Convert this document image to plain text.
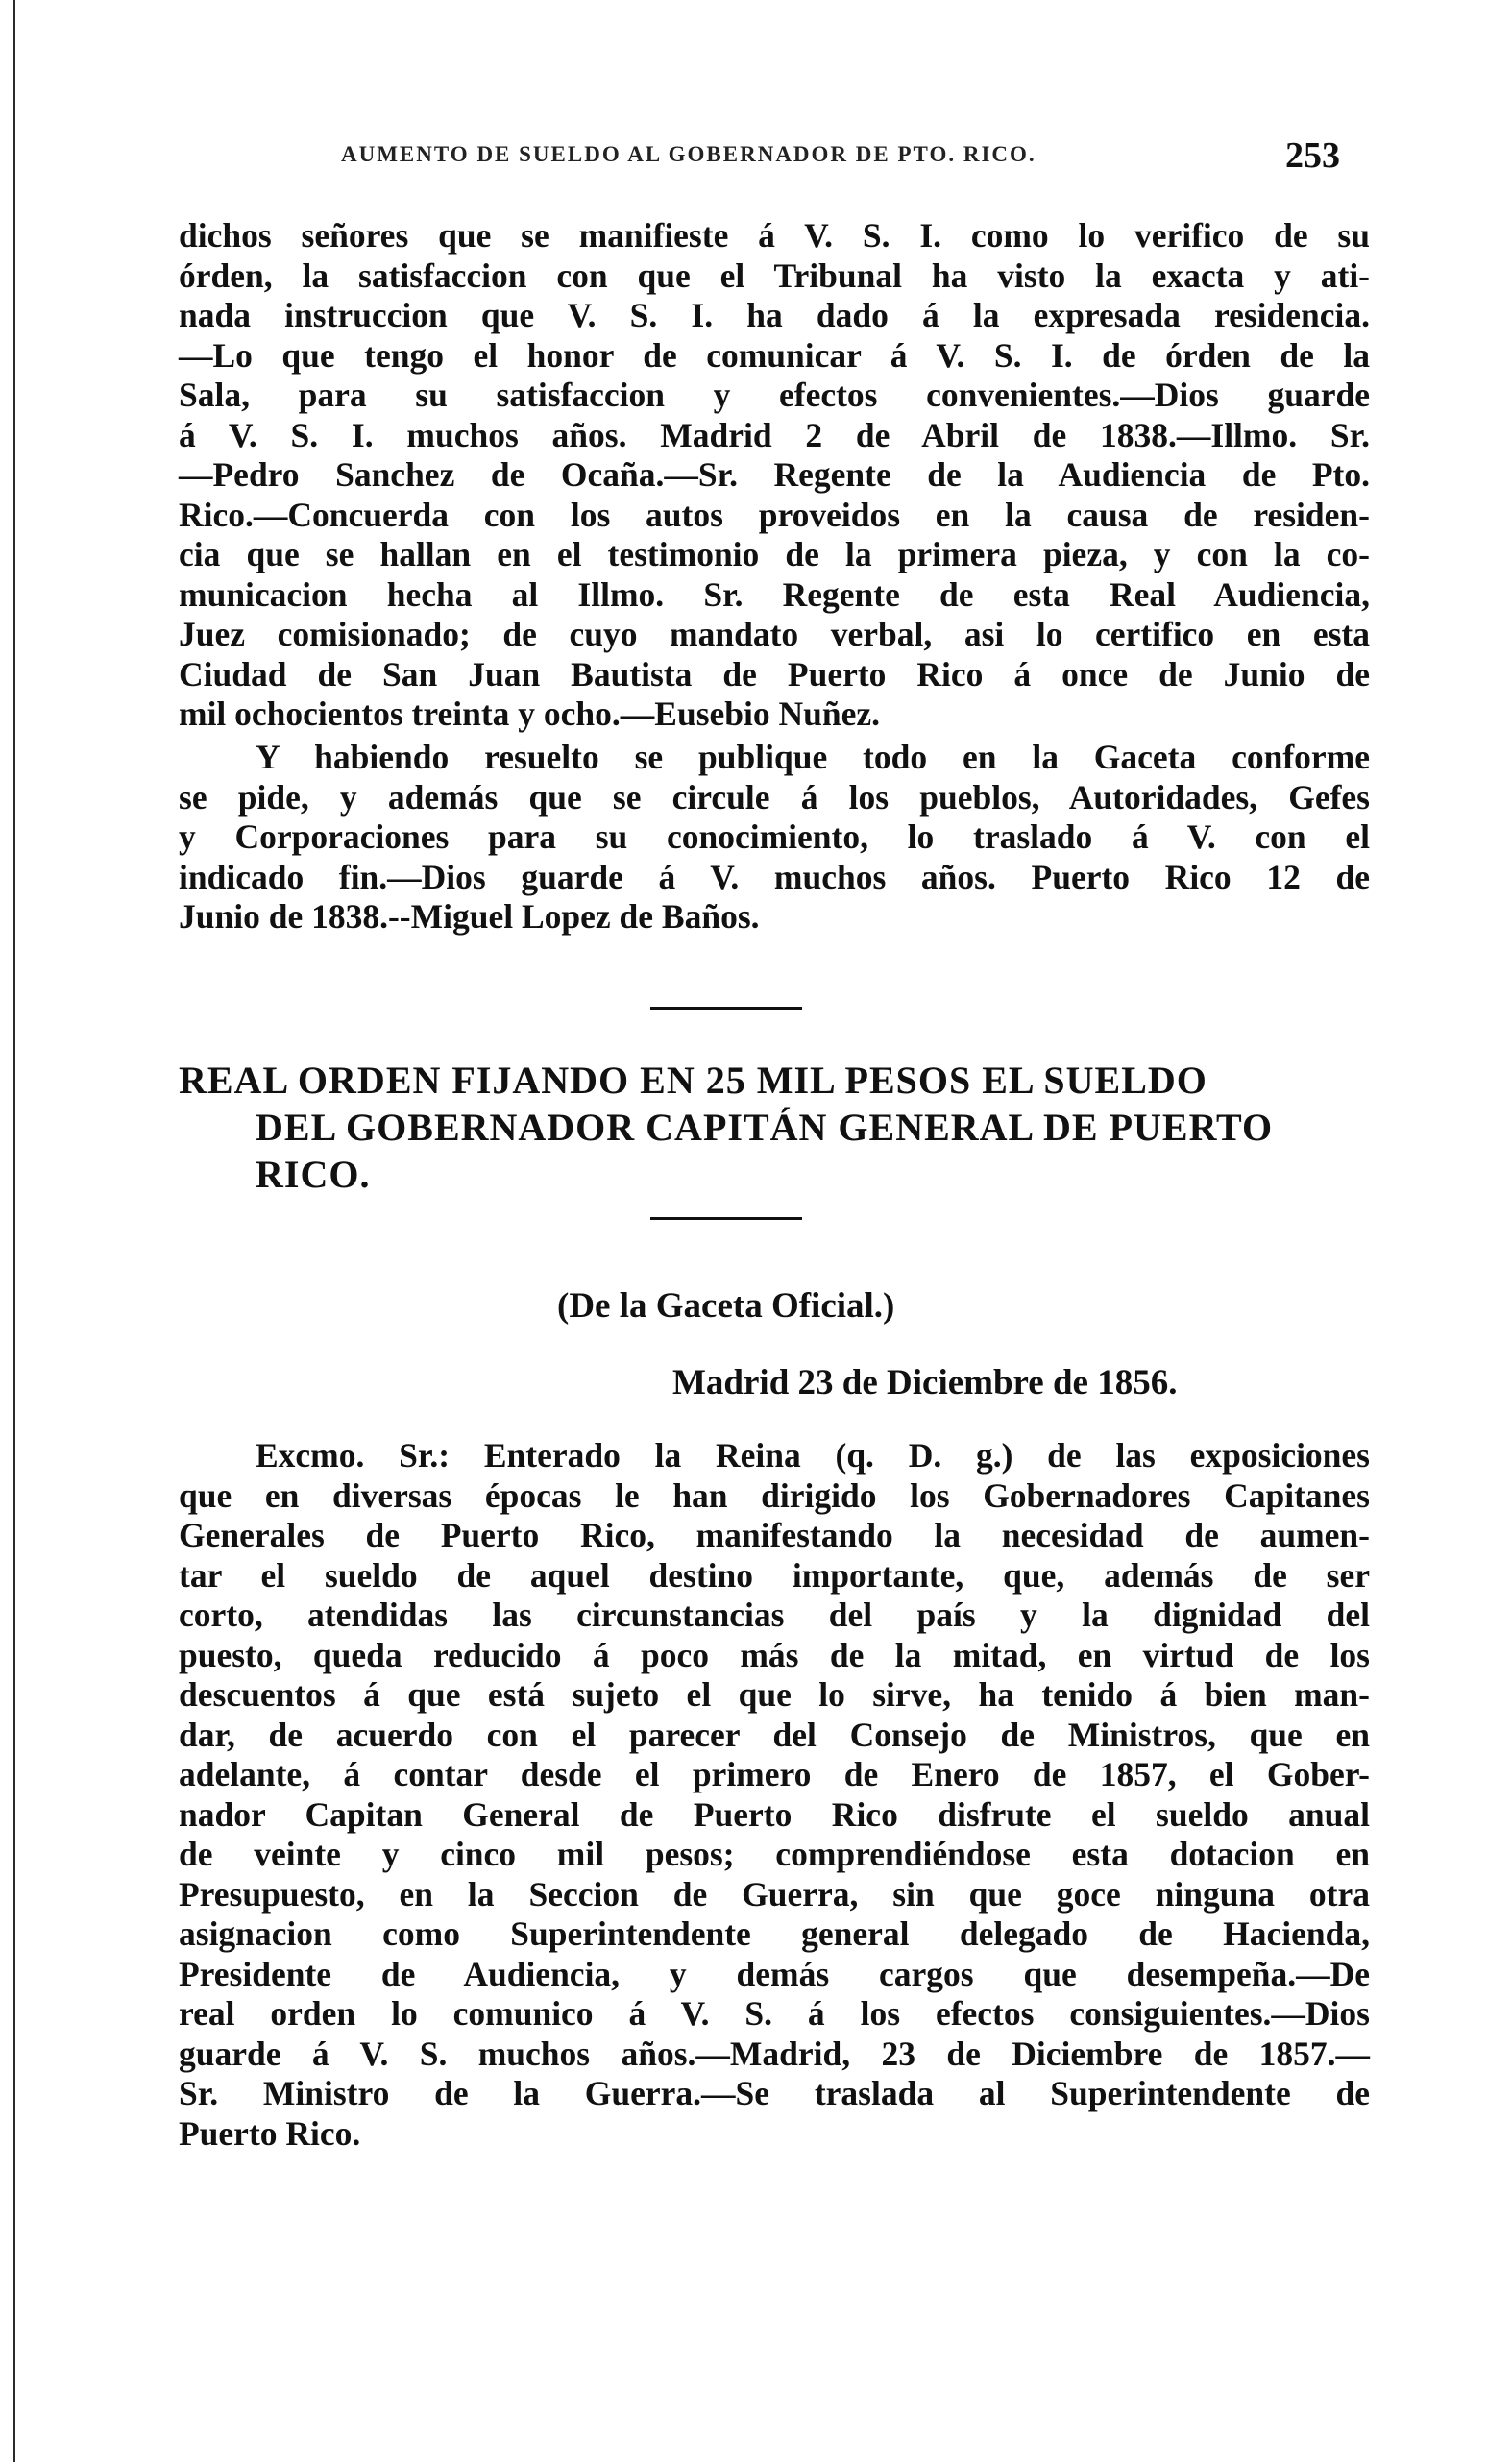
AUMENTO DE SUELDO AL GOBERNADOR DE PTO. RICO.	253
dichos señores que se manifieste á V. S. I. como lo verifico de su
órden, la satisfaccion con que el Tribunal ha visto la exacta y ati-
nada instruccion que V. S. I. ha dado á la expresada residencia.
—Lo que tengo el honor de comunicar á V. S. I. de órden de la
Sala, para su satisfaccion y efectos convenientes.—Dios guarde
á V. S. I. muchos años. Madrid 2 de Abril de 1838.—Illmo. Sr.
—Pedro Sanchez de Ocaña.—Sr. Regente de la Audiencia de Pto.
Rico.—Concuerda con los autos proveidos en la causa de residen-
cia que se hallan en el testimonio de la primera pieza, y con la co-
municacion hecha al Illmo. Sr. Regente de esta Real Audiencia,
Juez comisionado; de cuyo mandato verbal, asi lo certifico en esta
Ciudad de San Juan Bautista de Puerto Rico á once de Junio de
mil ochocientos treinta y ocho.—Eusebio Nuñez.
Y habiendo resuelto se publique todo en la Gaceta conforme
se pide, y además que se circule á los pueblos, Autoridades, Gefes
y Corporaciones para su conocimiento, lo traslado á V. con el
indicado fin.—Dios guarde á V. muchos años. Puerto Rico 12 de
Junio de 1838.--Miguel Lopez de Baños.
REAL ORDEN FIJANDO EN 25 MIL PESOS EL SUELDO
DEL GOBERNADOR CAPITÁN GENERAL DE PUERTO
RICO.
(De la Gaceta Oficial.)
Madrid 23 de Diciembre de 1856.
Excmo. Sr.: Enterado la Reina (q. D. g.) de las exposiciones
que en diversas épocas le han dirigido los Gobernadores Capitanes
Generales de Puerto Rico, manifestando la necesidad de aumen-
tar el sueldo de aquel destino importante, que, además de ser
corto, atendidas las circunstancias del país y la dignidad del
puesto, queda reducido á poco más de la mitad, en virtud de los
descuentos á que está sujeto el que lo sirve, ha tenido á bien man-
dar, de acuerdo con el parecer del Consejo de Ministros, que en
adelante, á contar desde el primero de Enero de 1857, el Gober-
nador Capitan General de Puerto Rico disfrute el sueldo anual
de veinte y cinco mil pesos; comprendiéndose esta dotacion en
Presupuesto, en la Seccion de Guerra, sin que goce ninguna otra
asignacion como Superintendente general delegado de Hacienda,
Presidente de Audiencia, y demás cargos que desempeña.—De
real orden lo comunico á V. S. á los efectos consiguientes.—Dios
guarde á V. S. muchos años.—Madrid, 23 de Diciembre de 1857.—
Sr. Ministro de la Guerra.—Se traslada al Superintendente de
Puerto Rico.
